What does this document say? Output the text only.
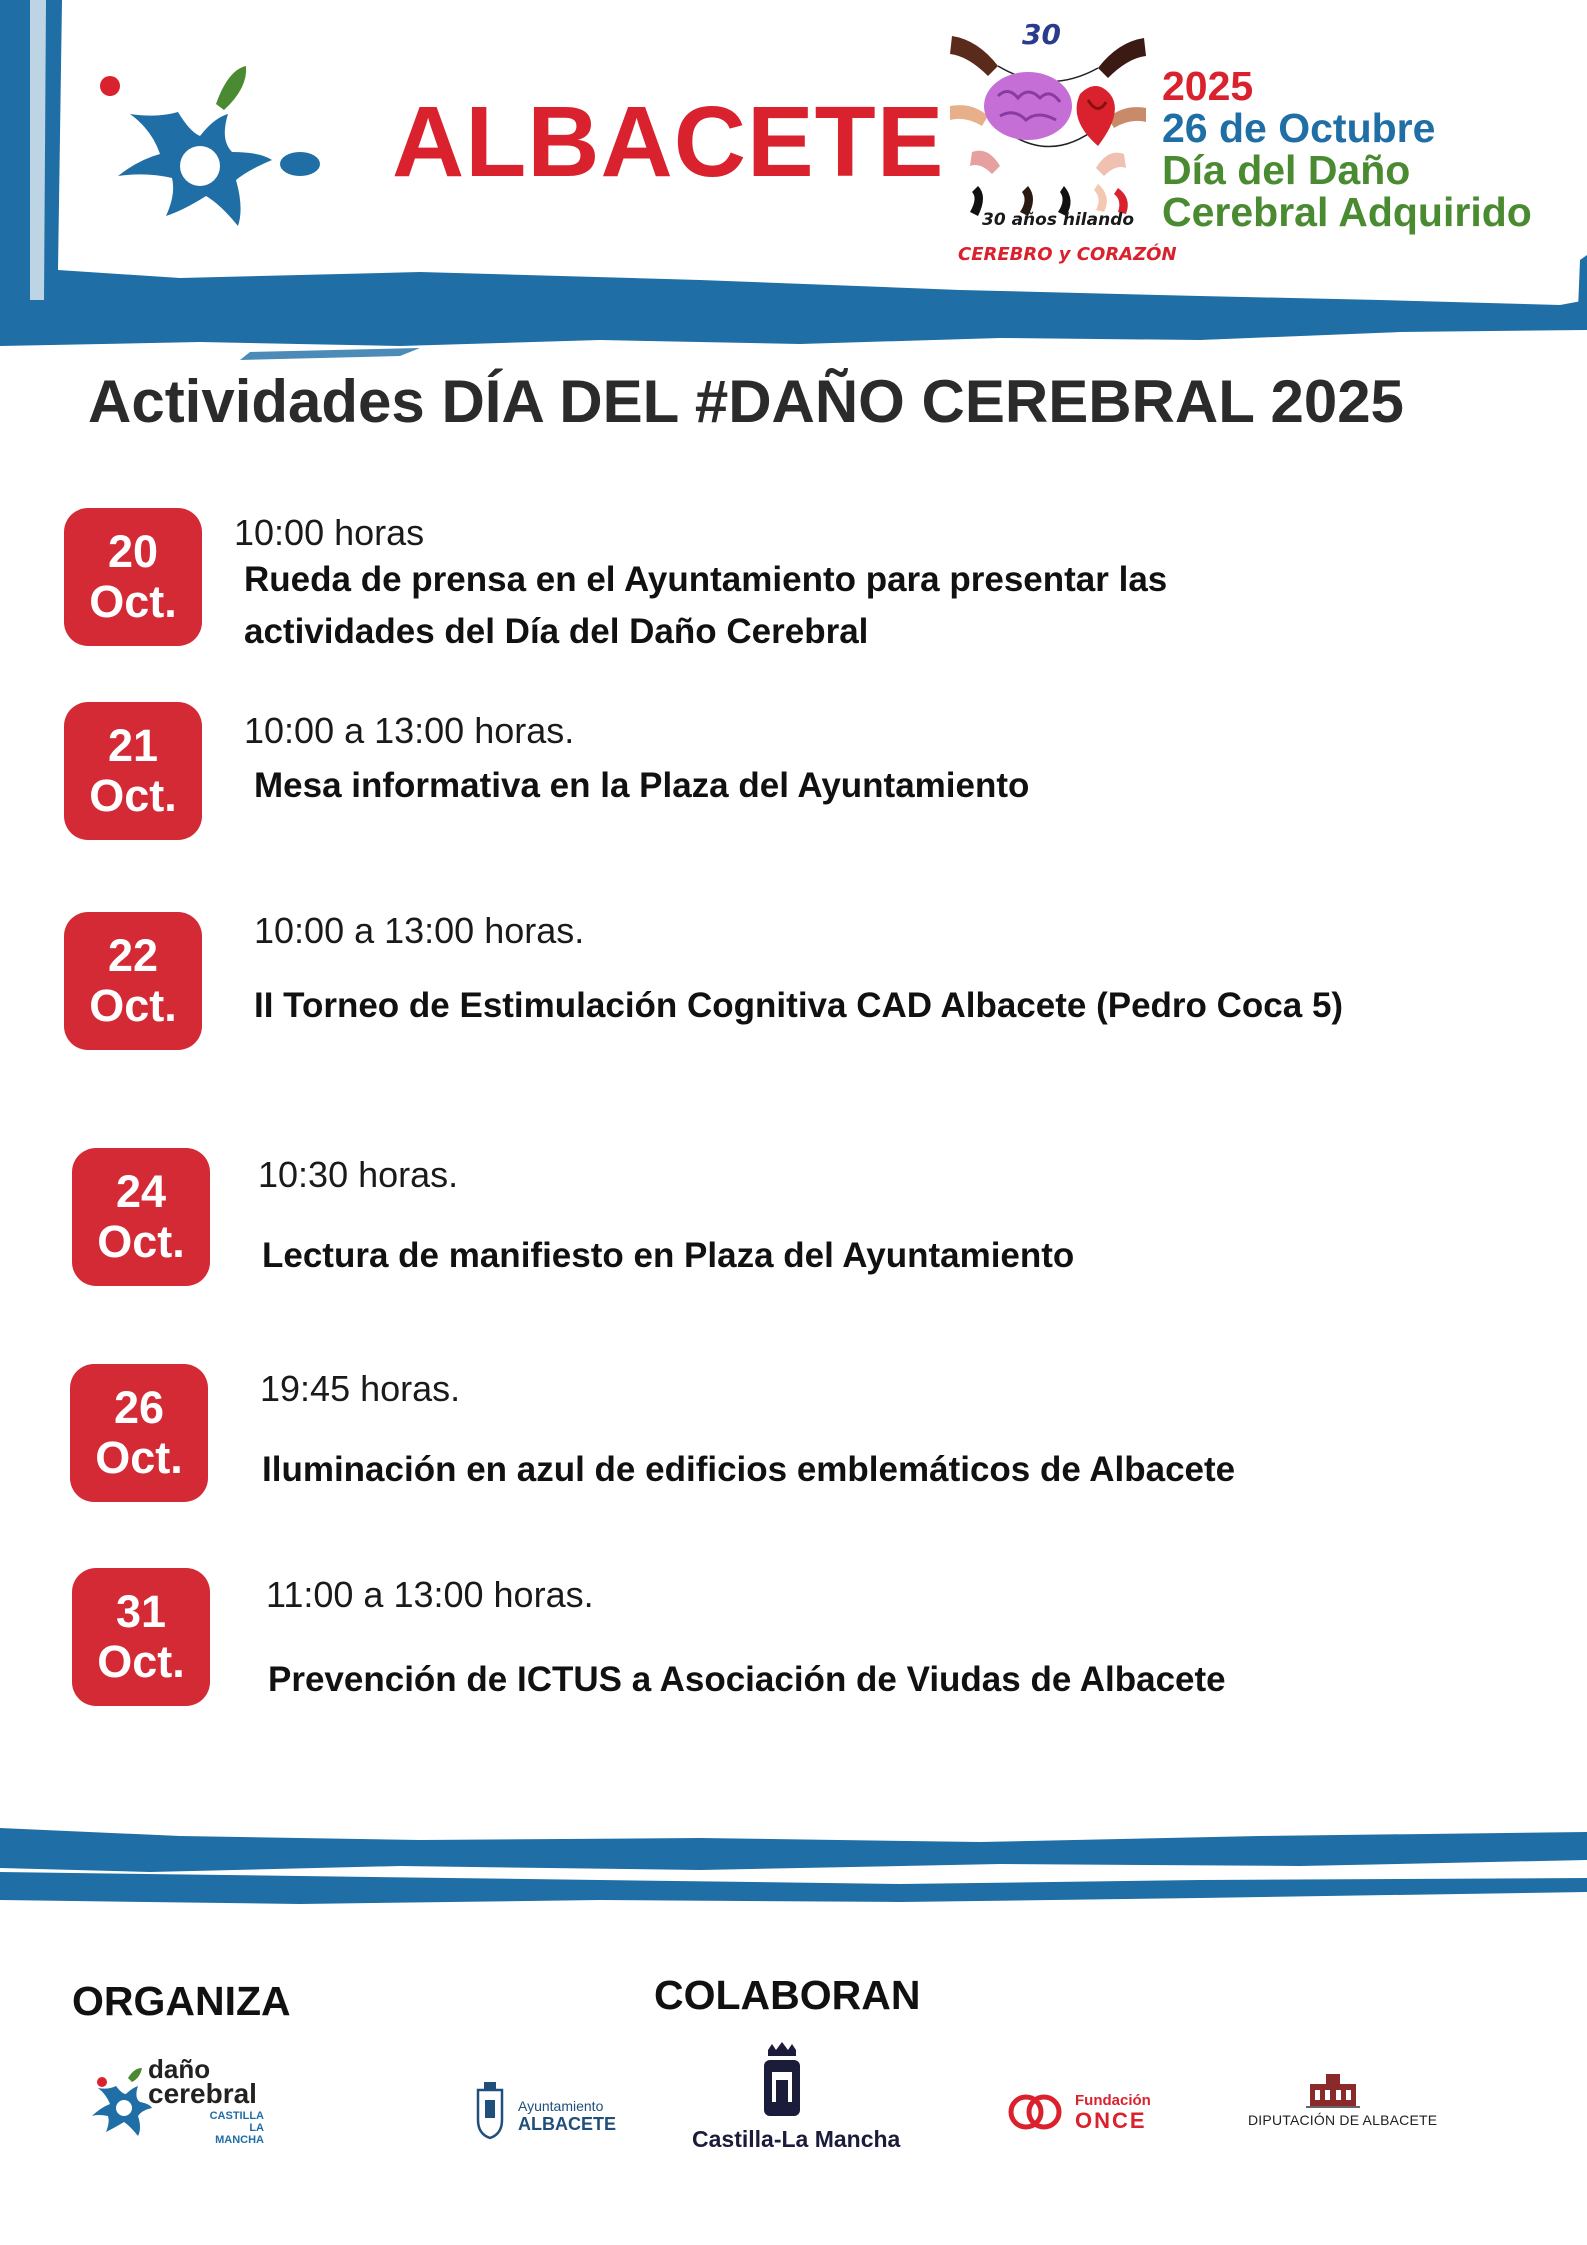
ALBACETE
30
30 años hilando
CEREBRO y CORAZÓN
2025
26 de Octubre
Día del Daño
Cerebral Adquirido
Actividades DÍA DEL #DAÑO CEREBRAL 2025
20
Oct.
10:00 horas
Rueda de prensa en el Ayuntamiento para presentar las actividades del Día del Daño Cerebral
21
Oct.
10:00 a 13:00 horas.
Mesa informativa en la Plaza del Ayuntamiento
22
Oct.
10:00 a 13:00 horas.
II Torneo de Estimulación Cognitiva CAD Albacete (Pedro Coca 5)
24
Oct.
10:30 horas.
Lectura de manifiesto en Plaza del Ayuntamiento
26
Oct.
19:45 horas.
Iluminación en azul de edificios emblemáticos de Albacete
31
Oct.
11:00 a 13:00 horas.
Prevención de ICTUS a Asociación de Viudas de Albacete
ORGANIZA	COLABORAN
daño
cerebral
CASTILLA LA MANCHA
Ayuntamiento
ALBACETE
Castilla-La Mancha
Fundación
ONCE	DIPUTACIÓN DE ALBACETE
